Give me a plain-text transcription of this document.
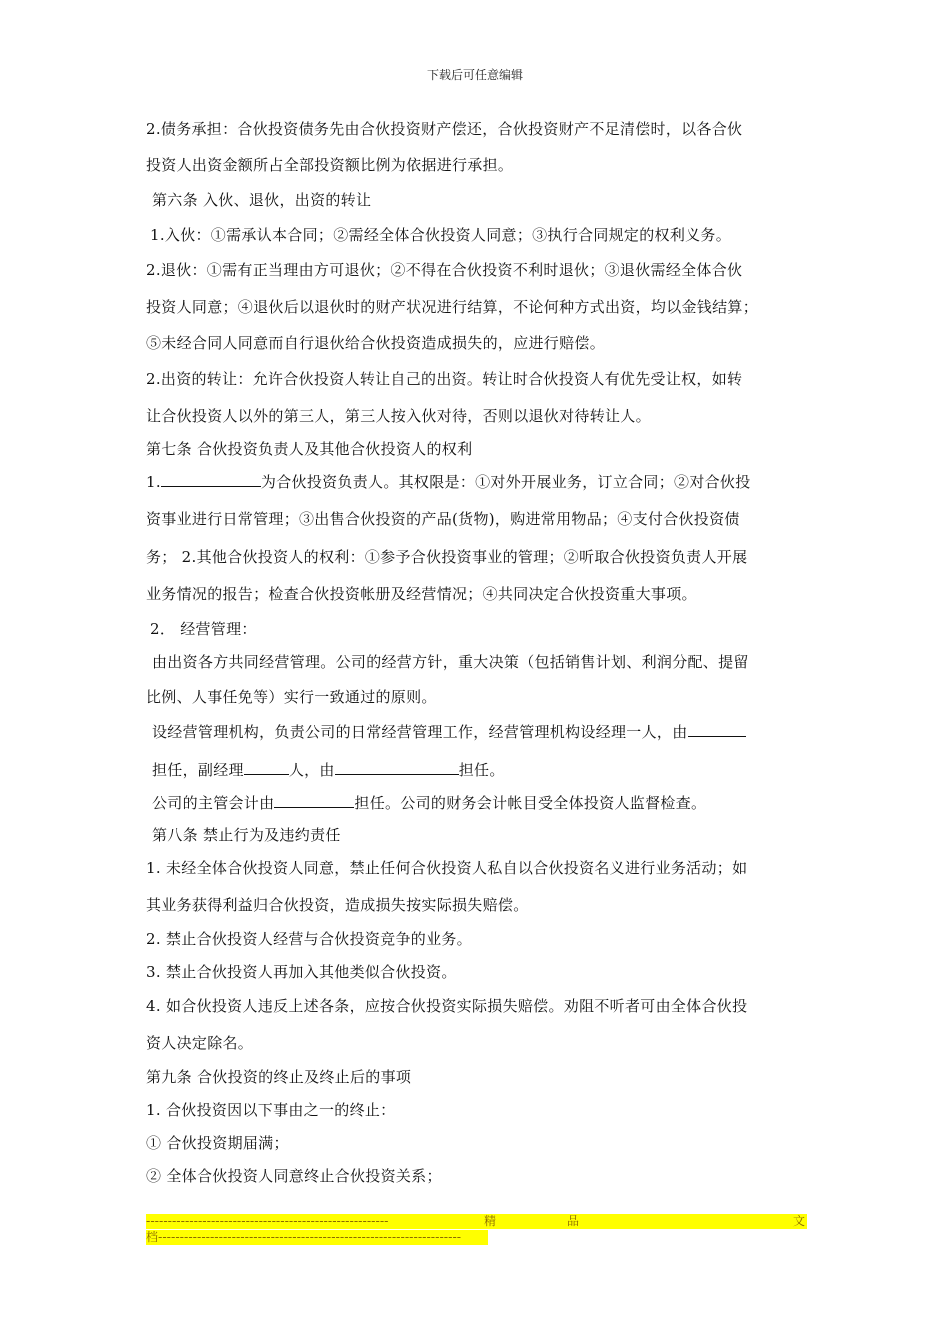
下载后可任意编辑
2.债务承担：合伙投资债务先由合伙投资财产偿还，合伙投资财产不足清偿时，以各合伙
投资人出资金额所占全部投资额比例为依据进行承担。
第六条 入伙、退伙，出资的转让
1.入伙：①需承认本合同；②需经全体合伙投资人同意；③执行合同规定的权利义务。
2.退伙：①需有正当理由方可退伙；②不得在合伙投资不利时退伙；③退伙需经全体合伙
投资人同意；④退伙后以退伙时的财产状况进行结算，不论何种方式出资，均以金钱结算；
⑤未经合同人同意而自行退伙给合伙投资造成损失的，应进行赔偿。
2.出资的转让：允许合伙投资人转让自己的出资。转让时合伙投资人有优先受让权，如转
让合伙投资人以外的第三人，第三人按入伙对待，否则以退伙对待转让人。
第七条 合伙投资负责人及其他合伙投资人的权利
1.	为合伙投资负责人。其权限是：①对外开展业务，订立合同；②对合伙投
资事业进行日常管理；③出售合伙投资的产品(货物)，购进常用物品；④支付合伙投资债
务； 2.其他合伙投资人的权利：①参予合伙投资事业的管理；②听取合伙投资负责人开展
业务情况的报告；检查合伙投资帐册及经营情况；④共同决定合伙投资重大事项。
2． 经营管理：
由出资各方共同经营管理。公司的经营方针，重大决策（包括销售计划、利润分配、提留
比例、人事任免等）实行一致通过的原则。
设经营管理机构，负责公司的日常经营管理工作，经营管理机构设经理一人，由
担任，副经理	人，由	担任。
公司的主管会计由	担任。公司的财务会计帐目受全体投资人监督检查。
第八条 禁止行为及违约责任
1. 未经全体合伙投资人同意，禁止任何合伙投资人私自以合伙投资名义进行业务活动；如
其业务获得利益归合伙投资，造成损失按实际损失赔偿。
2. 禁止合伙投资人经营与合伙投资竞争的业务。
3. 禁止合伙投资人再加入其他类似合伙投资。
4. 如合伙投资人违反上述各条，应按合伙投资实际损失赔偿。劝阻不听者可由全体合伙投
资人决定除名。
第九条 合伙投资的终止及终止后的事项
1. 合伙投资因以下事由之一的终止：
① 合伙投资期届满；
② 全体合伙投资人同意终止合伙投资关系；
--------------------------------------------------------	精	品	文
档----------------------------------------------------------------------
